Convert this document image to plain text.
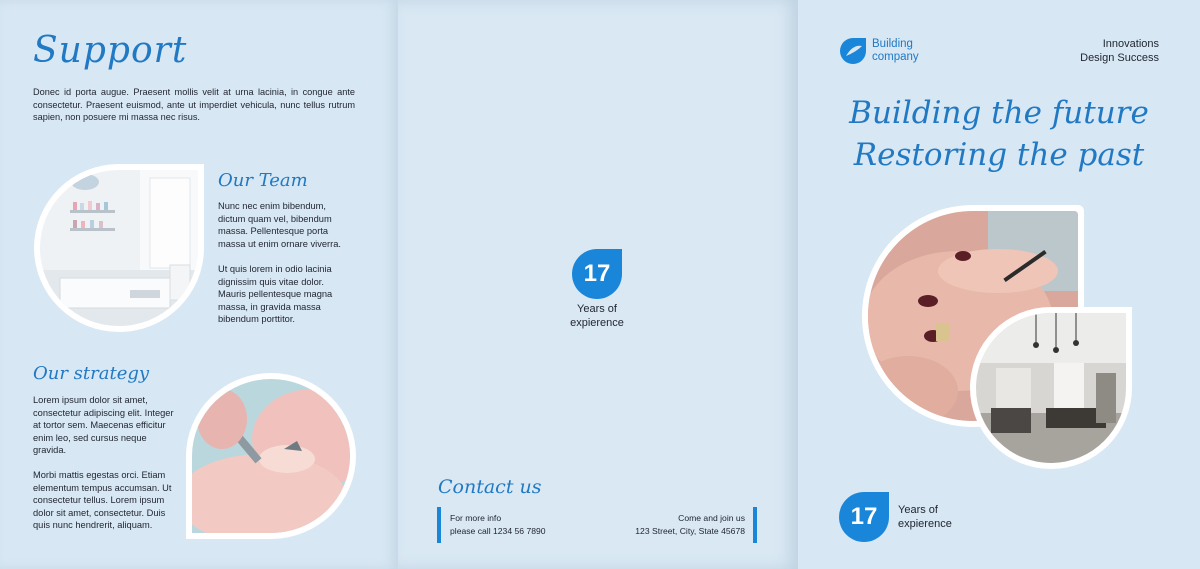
Support

Donec id porta augue. Praesent mollis velit at urna lacinia, in congue ante consectetur. Praesent euismod, ante ut imperdiet vehicula, nunc tellus rutrum sapien, non posuere mi massa nec risus.

Our Team

Nunc nec enim bibendum, dictum quam vel, bibendum massa. Pellentesque porta massa ut enim ornare viverra.

Ut quis lorem in odio lacinia dignissim quis vitae dolor. Mauris pellentesque magna massa, in gravida massa bibendum porttitor.

Our strategy

Lorem ipsum dolor sit amet, consectetur adipiscing elit. Integer at tortor sem. Maecenas efficitur enim leo, sed cursus neque gravida.

Morbi mattis egestas orci. Etiam elementum tempus accumsan. Ut consectetur tellus. Lorem ipsum dolor sit amet, consectetur. Duis quis nunc hendrerit, aliquam.

17
Years of
expierence
Contact us
For more info
please call 1234 56 7890
Come and join us
123 Street, City, State 45678
Building
company
Innovations
Design Success
Building the future
Restoring the past
17 Years of
expierence
